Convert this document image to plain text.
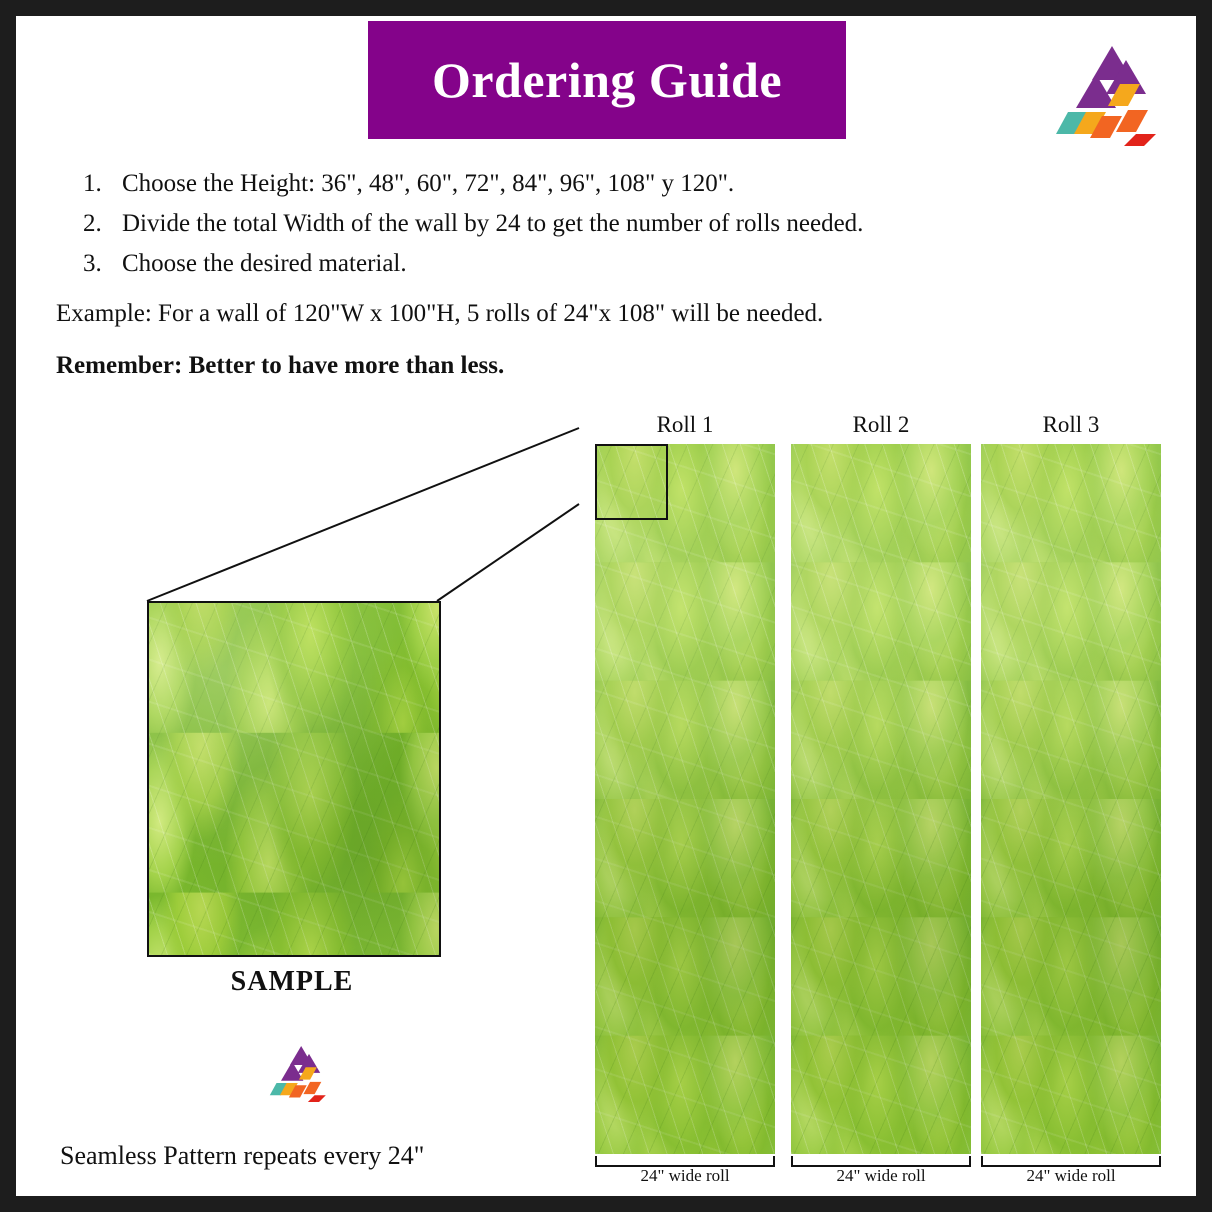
Ordering Guide
1. Choose the Height: 36", 48", 60", 72", 84", 96", 108" y 120".
2. Divide the total Width of the wall by 24 to get the number of rolls needed.
3. Choose the desired material.
Example: For a wall of 120"W x 100"H, 5 rolls of 24"x 108" will be needed.
Remember: Better to have more than less.
Roll 1	Roll 2	Roll 3
24" wide roll	24" wide roll	24" wide roll
SAMPLE
Seamless Pattern repeats every 24"
